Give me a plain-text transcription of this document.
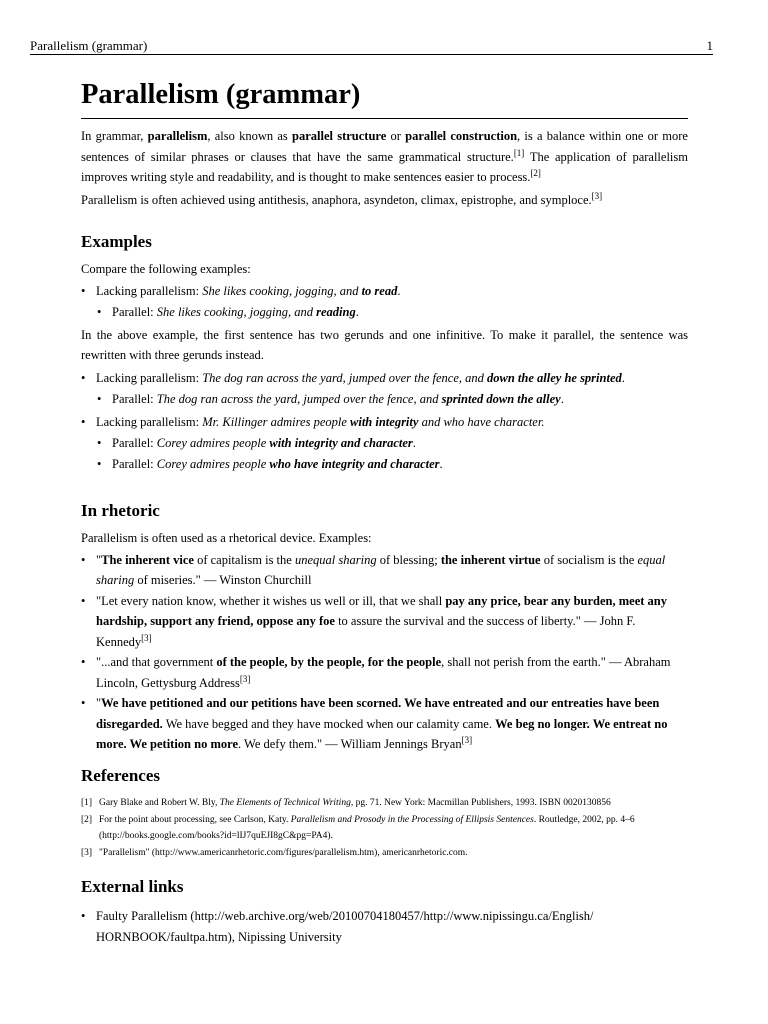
Parallelism (grammar)	1
Parallelism (grammar)

In grammar, parallelism, also known as parallel structure or parallel construction, is a balance within one or more sentences of similar phrases or clauses that have the same grammatical structure.[1] The application of parallelism improves writing style and readability, and is thought to make sentences easier to process.[2]

Parallelism is often achieved using antithesis, anaphora, asyndeton, climax, epistrophe, and symploce.[3]

Examples

Compare the following examples:

• Lacking parallelism: She likes cooking, jogging, and to read.
• Parallel: She likes cooking, jogging, and reading.

In the above example, the first sentence has two gerunds and one infinitive. To make it parallel, the sentence was rewritten with three gerunds instead.

• Lacking parallelism: The dog ran across the yard, jumped over the fence, and down the alley he sprinted.
• Parallel: The dog ran across the yard, jumped over the fence, and sprinted down the alley.
• Lacking parallelism: Mr. Killinger admires people with integrity and who have character.
• Parallel: Corey admires people with integrity and character.
• Parallel: Corey admires people who have integrity and character.
In rhetoric

Parallelism is often used as a rhetorical device. Examples:

• "The inherent vice of capitalism is the unequal sharing of blessing; the inherent virtue of socialism is the equal sharing of miseries." — Winston Churchill
• "Let every nation know, whether it wishes us well or ill, that we shall pay any price, bear any burden, meet any hardship, support any friend, oppose any foe to assure the survival and the success of liberty." — John F. Kennedy[3]
• "...and that government of the people, by the people, for the people, shall not perish from the earth." — Abraham Lincoln, Gettysburg Address[3]
• "We have petitioned and our petitions have been scorned. We have entreated and our entreaties have been disregarded. We have begged and they have mocked when our calamity came. We beg no longer. We entreat no more. We petition no more. We defy them." — William Jennings Bryan[3]
References
[1] Gary Blake and Robert W. Bly, The Elements of Technical Writing, pg. 71. New York: Macmillan Publishers, 1993. ISBN 0020130856
[2] For the point about processing, see Carlson, Katy. Parallelism and Prosody in the Processing of Ellipsis Sentences. Routledge, 2002, pp. 4–6 (http://books.google.com/books?id=lIJ7quEJI8gC&pg=PA4).
[3] "Parallelism" (http://www.americanrhetoric.com/figures/parallelism.htm), americanrhetoric.com.
External links
• Faulty Parallelism (http://web.archive.org/web/20100704180457/http://www.nipissingu.ca/English/ HORNBOOK/faultpa.htm), Nipissing University
